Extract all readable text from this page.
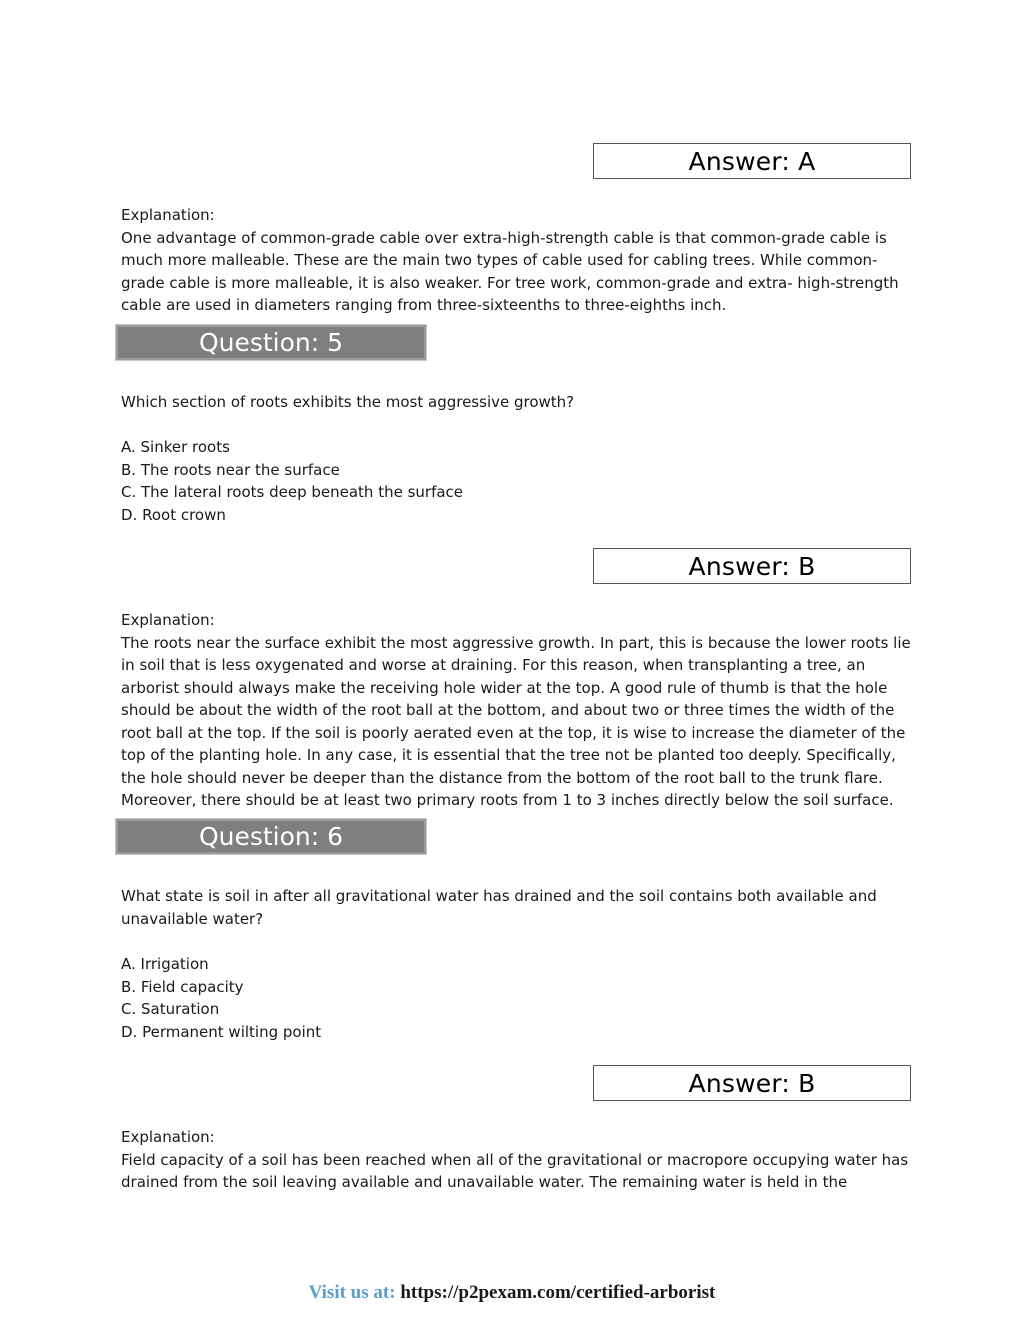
Answer: A

Explanation:

One advantage of common-grade cable over extra-high-strength cable is that common-grade cable is much more malleable. These are the main two types of cable used for cabling trees. While common-grade cable is more malleable, it is also weaker. For tree work, common-grade and extra- high-strength cable are used in diameters ranging from three-sixteenths to three-eighths inch.

Question: 5

Which section of roots exhibits the most aggressive growth?

A. Sinker roots
B. The roots near the surface
C. The lateral roots deep beneath the surface
D. Root crown
Answer: B

Explanation:

The roots near the surface exhibit the most aggressive growth. In part, this is because the lower roots lie in soil that is less oxygenated and worse at draining. For this reason, when transplanting a tree, an arborist should always make the receiving hole wider at the top. A good rule of thumb is that the hole should be about the width of the root ball at the bottom, and about two or three times the width of the root ball at the top. If the soil is poorly aerated even at the top, it is wise to increase the diameter of the top of the planting hole. In any case, it is essential that the tree not be planted too deeply. Specifically, the hole should never be deeper than the distance from the bottom of the root ball to the trunk flare. Moreover, there should be at least two primary roots from 1 to 3 inches directly below the soil surface.

Question: 6

What state is soil in after all gravitational water has drained and the soil contains both available and unavailable water?

A. Irrigation
B. Field capacity
C. Saturation
D. Permanent wilting point
Answer: B

Explanation:

Field capacity of a soil has been reached when all of the gravitational or macropore occupying water has drained from the soil leaving available and unavailable water. The remaining water is held in the

Visit us at: https://p2pexam.com/certified-arborist
